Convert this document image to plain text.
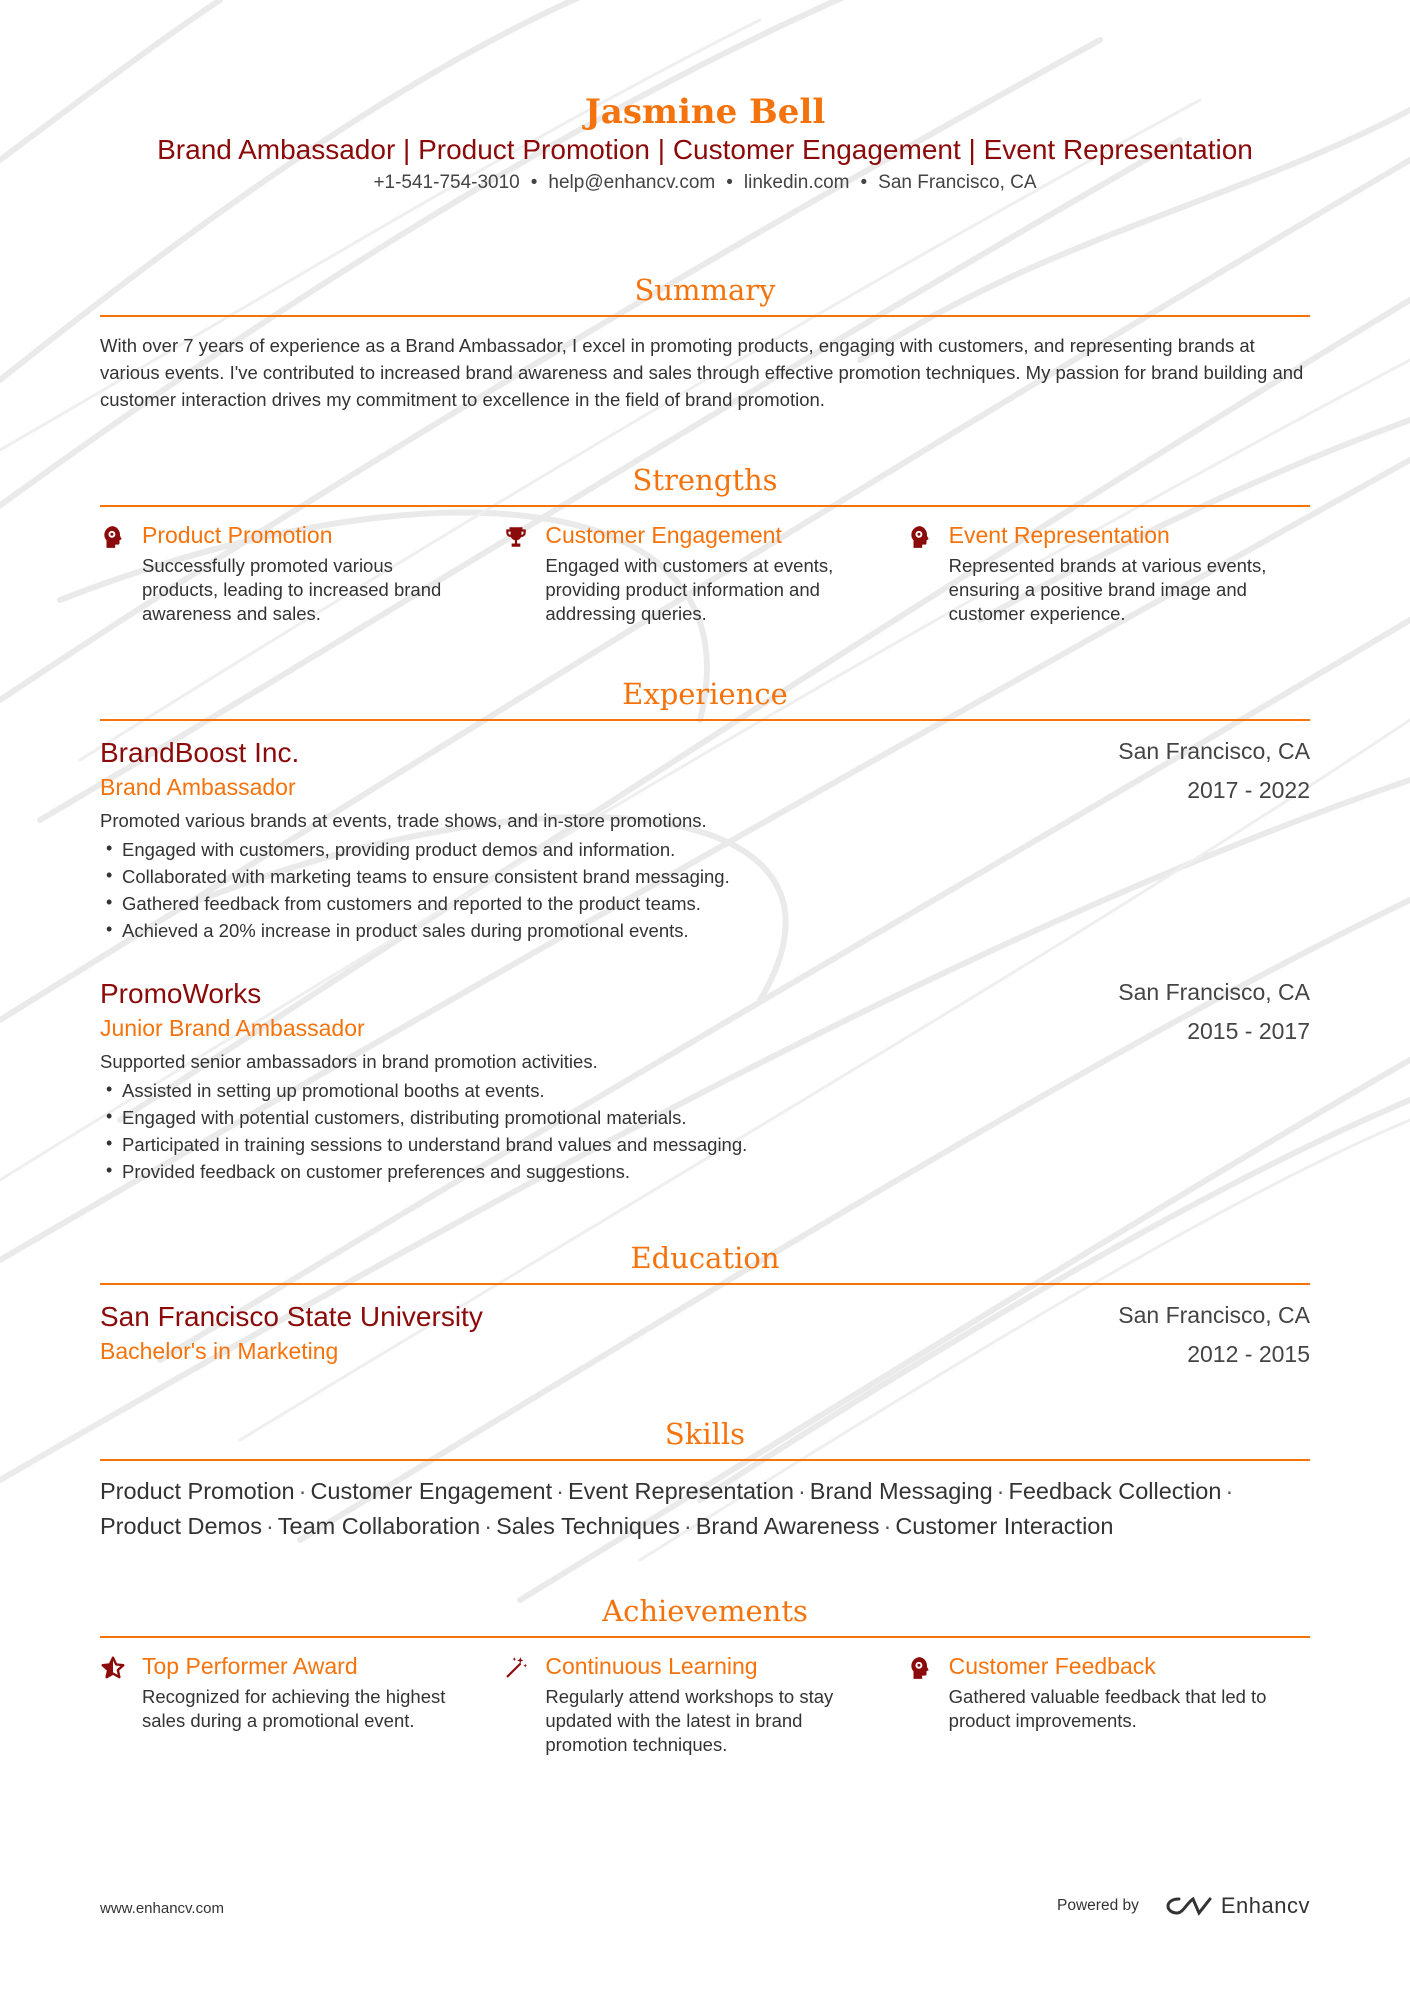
Jasmine Bell
Brand Ambassador | Product Promotion | Customer Engagement | Event Representation
+1-541-754-3010 • help@enhancv.com • linkedin.com • San Francisco, CA
Summary
With over 7 years of experience as a Brand Ambassador, I excel in promoting products, engaging with customers, and representing brands at various events. I've contributed to increased brand awareness and sales through effective promotion techniques. My passion for brand building and customer interaction drives my commitment to excellence in the field of brand promotion.
Strengths
Product Promotion
Successfully promoted various products, leading to increased brand awareness and sales.
Customer Engagement
Engaged with customers at events, providing product information and addressing queries.
Event Representation
Represented brands at various events, ensuring a positive brand image and customer experience.
Experience
BrandBoost Inc.
Brand Ambassador
San Francisco, CA
2017 - 2022
Promoted various brands at events, trade shows, and in-store promotions.
• Engaged with customers, providing product demos and information.
• Collaborated with marketing teams to ensure consistent brand messaging.
• Gathered feedback from customers and reported to the product teams.
• Achieved a 20% increase in product sales during promotional events.
PromoWorks
Junior Brand Ambassador
San Francisco, CA
2015 - 2017
Supported senior ambassadors in brand promotion activities.
• Assisted in setting up promotional booths at events.
• Engaged with potential customers, distributing promotional materials.
• Participated in training sessions to understand brand values and messaging.
• Provided feedback on customer preferences and suggestions.
Education
San Francisco State University
Bachelor's in Marketing
San Francisco, CA
2012 - 2015
Skills
Product Promotion · Customer Engagement · Event Representation · Brand Messaging · Feedback Collection ·
Product Demos · Team Collaboration · Sales Techniques · Brand Awareness · Customer Interaction
Achievements
Top Performer Award
Recognized for achieving the highest sales during a promotional event.
Continuous Learning
Regularly attend workshops to stay updated with the latest in brand promotion techniques.
Customer Feedback
Gathered valuable feedback that led to product improvements.
www.enhancv.com	Powered by	Enhancv
